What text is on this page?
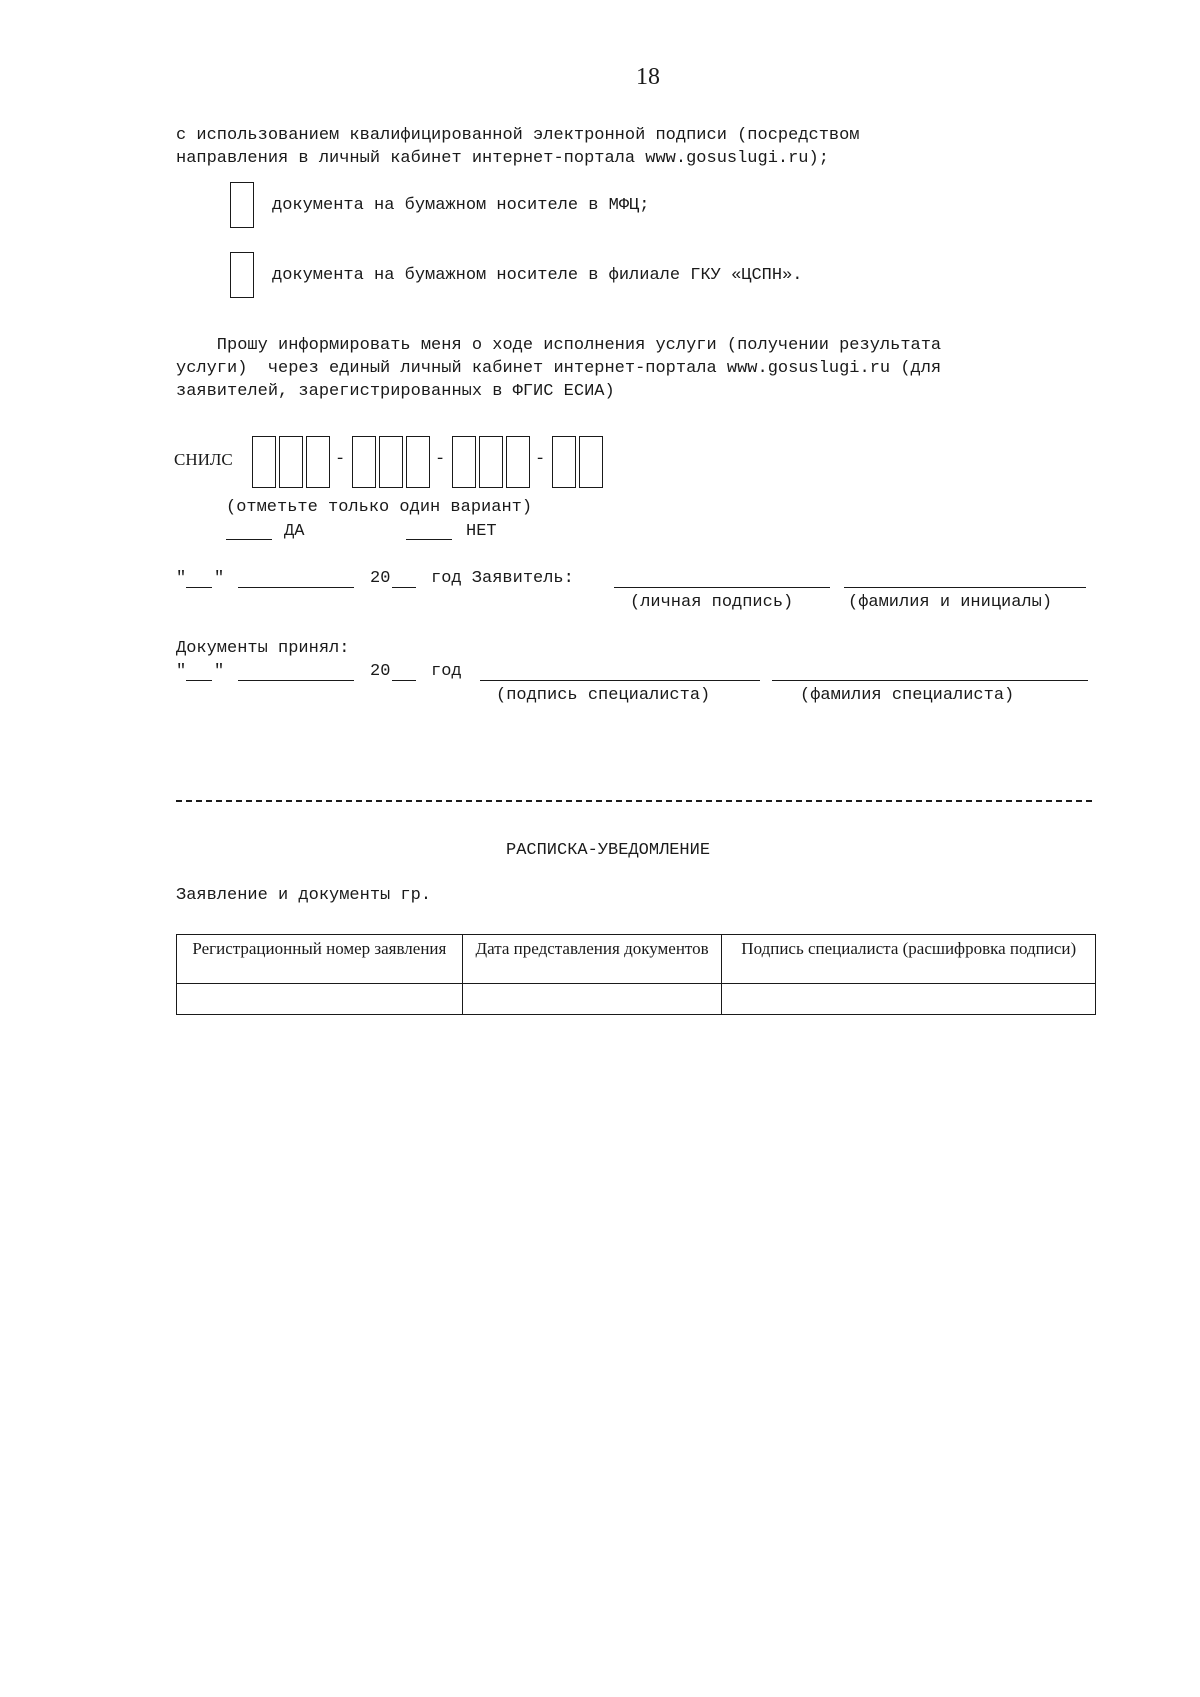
18
с использованием квалифицированной электронной подписи (посредством
направления в личный кабинет интернет-портала www.gosuslugi.ru);
документа на бумажном носителе в МФЦ;
документа на бумажном носителе в филиале ГКУ «ЦСПН».
Прошу информировать меня о ходе исполнения услуги (получении результата
услуги)  через единый личный кабинет интернет-портала www.gosuslugi.ru (для
заявителей, зарегистрированных в ФГИС ЕСИА)
СНИЛС	-	-	-
(отметьте только один вариант)
ДА	НЕТ
" "	20 год Заявитель:
(личная подпись)	(фамилия и инициалы)
Документы принял:
" "	20 год
(подпись специалиста)	(фамилия специалиста)
РАСПИСКА-УВЕДОМЛЕНИЕ
Заявление и документы гр.
Регистрационный номер заявления	Дата представления документов	Подпись специалиста (расшифровка подписи)
